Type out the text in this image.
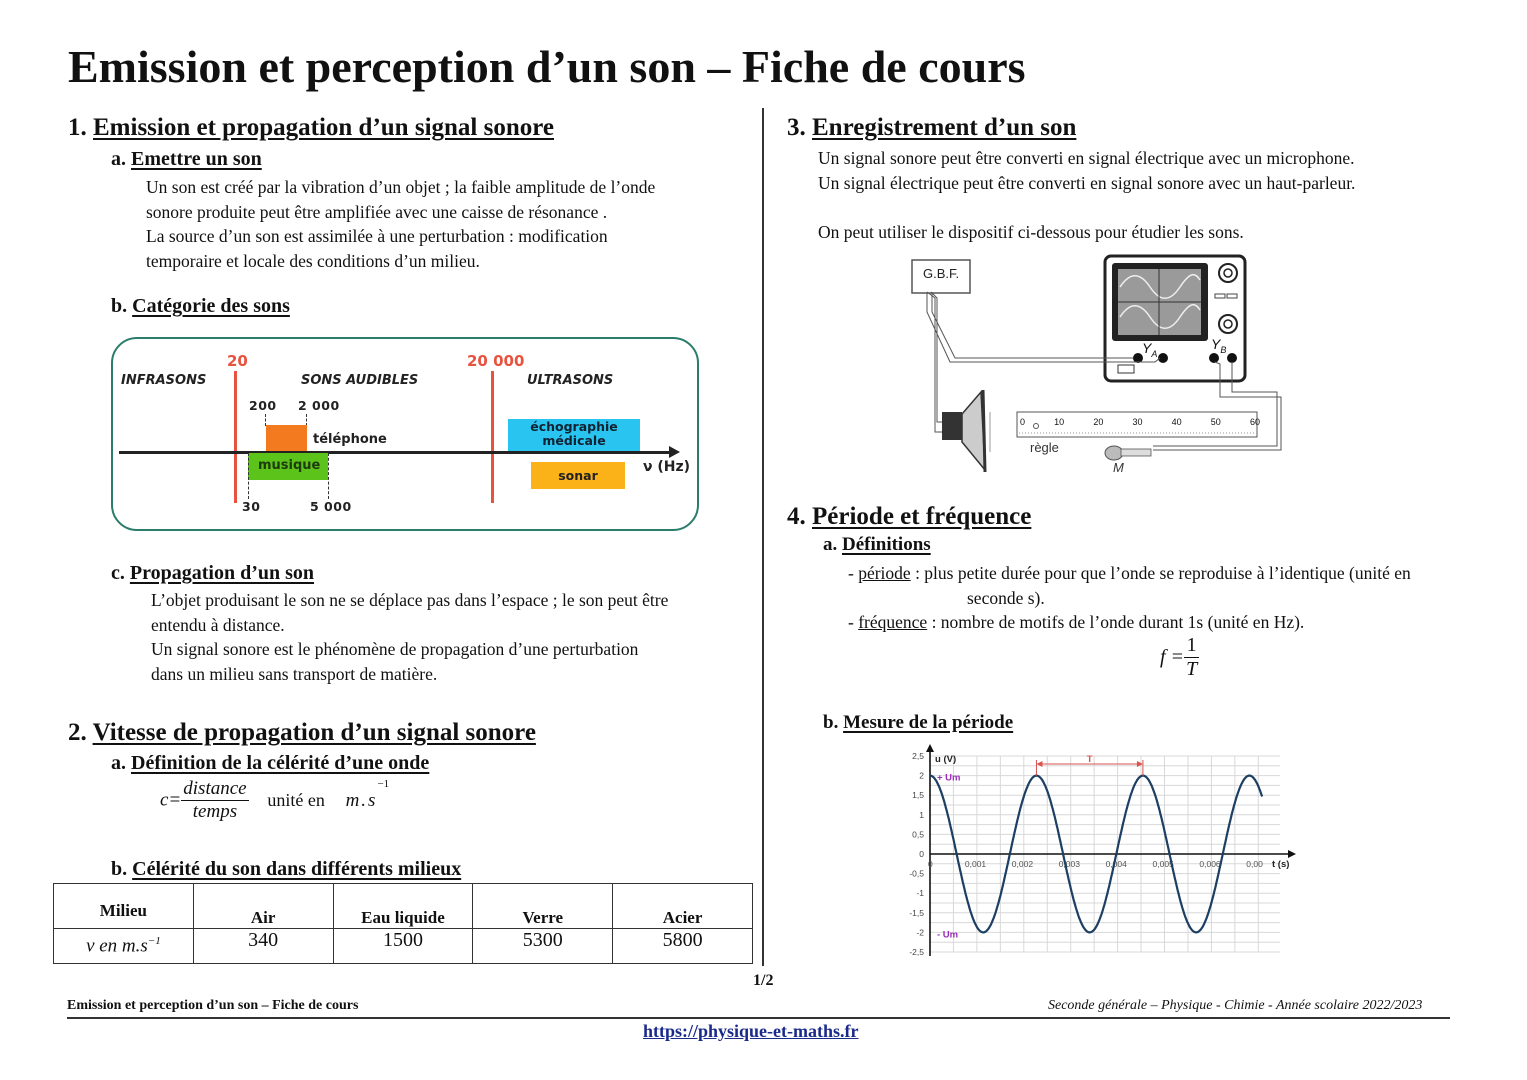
Emission et perception d’un son – Fiche de cours
1. Emission et propagation d’un signal sonore
a. Emettre un son
Un son est créé par la vibration d’un objet ; la faible amplitude de l’onde
sonore produite peut être amplifiée avec une caisse de résonance .
La source d’un son est assimilée à une perturbation : modification
temporaire et locale des conditions d’un milieu.
b. Catégorie des sons
INFRASONS	SONS AUDIBLES	ULTRASONS
20	20 000
ν (Hz)
200 2 000
téléphone
musique
30	5 000
échographie
médicale
sonar
c. Propagation d’un son
L’objet produisant le son ne se déplace pas dans l’espace ; le son peut être
entendu à distance.
Un signal sonore est le phénomène de propagation d’une perturbation
dans un milieu sans transport de matière.
2. Vitesse de propagation d’un signal sonore
a. Définition de la célérité d’une onde
$c= \frac{\text{distance}}{\text{temps}}$ unité en $m.s^{-1}$
b. Célérité du son dans différents milieux
Milieu	Air	Eau liquide	Verre	Acier
v en $m.s^{-1}$	340	1500	5300	5800
3. Enregistrement d’un son
Un signal sonore peut être converti en signal électrique avec un microphone.
Un signal électrique peut être converti en signal sonore avec un haut-parleur.
On peut utiliser le dispositif ci-dessous pour étudier les sons.
G.B.F.
$Y_A$
$Y_B$
0	10	20	30	40	50	60
règle
M
4. Période et fréquence
a. Définitions
- période : plus petite durée pour que l’onde se reproduise à l’identique (unité en
seconde s).
- fréquence : nombre de motifs de l’onde durant 1s (unité en Hz).
$f = \frac{1}{T}$
b. Mesure de la période
2,5
2
1,5
1
0,5
0
-0,5
-1
-1,5
-2
-2,5
0	0,001	0,002	0,003	0,004	0,005	0,006	0,00
u (V)
t (s)
+ Um
- Um
T
1/2
Emission et perception d’un son – Fiche de cours	Seconde générale – Physique - Chimie - Année scolaire 2022/2023
https://physique-et-maths.fr
